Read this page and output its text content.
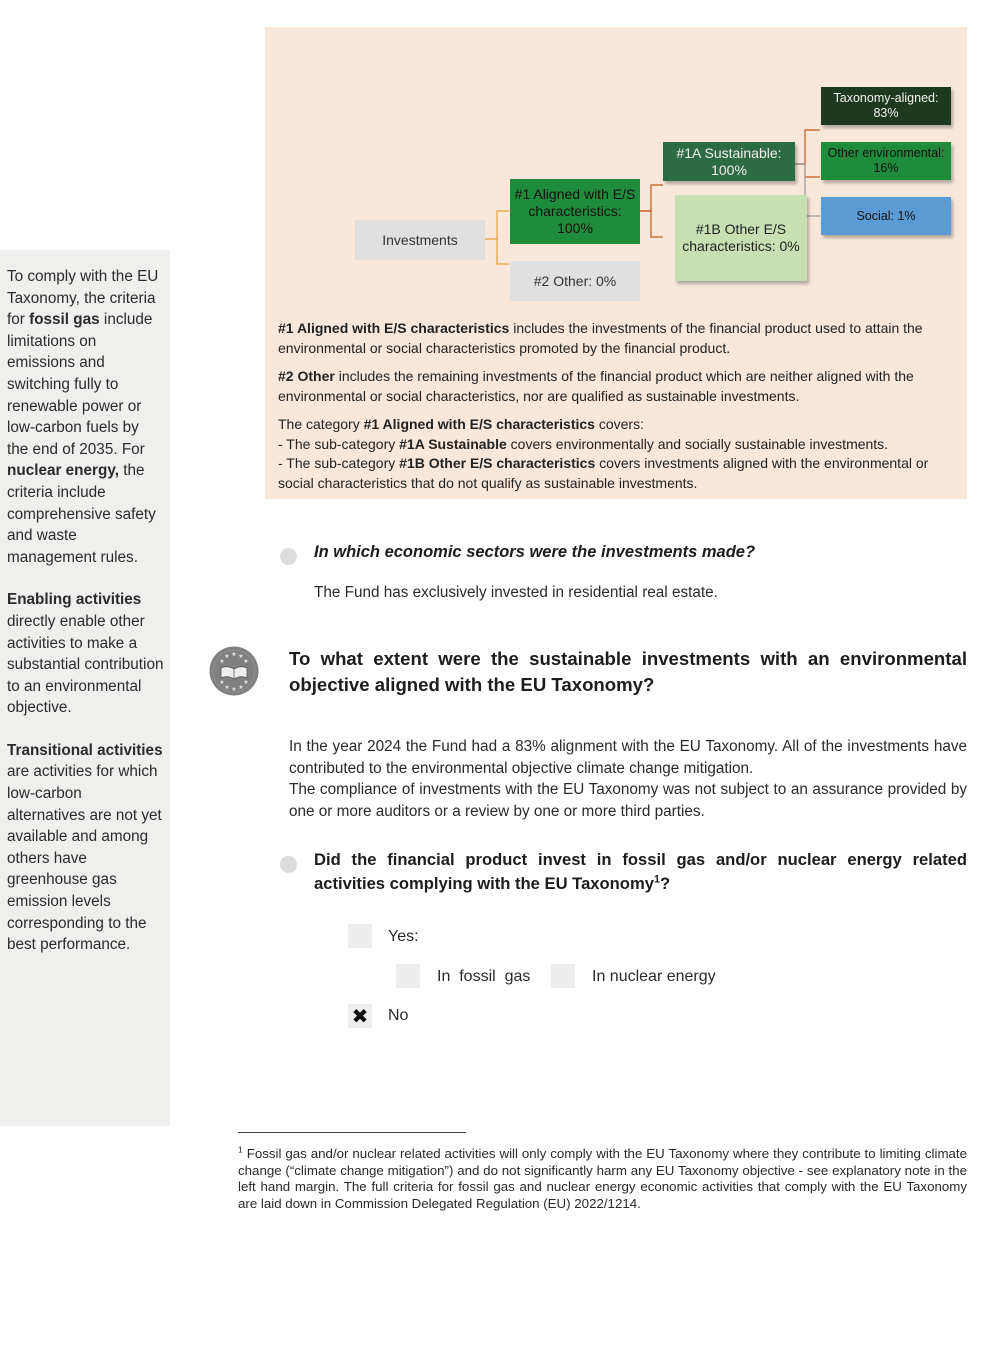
To comply with the EU Taxonomy, the criteria for fossil gas include limitations on emissions and switching fully to renewable power or low-carbon fuels by the end of 2035. For nuclear energy, the criteria include comprehensive safety and waste management rules.

Enabling activities directly enable other activities to make a substantial contribution to an environmental objective.

Transitional activities are activities for which low-carbon alternatives are not yet available and among others have greenhouse gas emission levels corresponding to the best performance.

Investments
#1 Aligned with E/S characteristics: 100%
#2 Other: 0%
#1A Sustainable: 100%
#1B Other E/S characteristics: 0%
Taxonomy-aligned: 83%
Other environmental: 16%
Social: 1%
#1 Aligned with E/S characteristics includes the investments of the financial product used to attain the environmental or social characteristics promoted by the financial product.
#2 Other includes the remaining investments of the financial product which are neither aligned with the environmental or social characteristics, nor are qualified as sustainable investments.
The category #1 Aligned with E/S characteristics covers:
- The sub-category #1A Sustainable covers environmentally and socially sustainable investments.
- The sub-category #1B Other E/S characteristics covers investments aligned with the environmental or social characteristics that do not qualify as sustainable investments.
In which economic sectors were the investments made?
The Fund has exclusively invested in residential real estate.
★ ★
★
★
★
★ ★
★
★
★
To what extent were the sustainable investments with an environmental objective aligned with the EU Taxonomy?
In the year 2024 the Fund had a 83% alignment with the EU Taxonomy. All of the investments have contributed to the environmental objective climate change mitigation.
The compliance of investments with the EU Taxonomy was not subject to an assurance provided by one or more auditors or a review by one or more third parties.
Did the financial product invest in fossil gas and/or nuclear energy related activities complying with the EU Taxonomy$^1$?
Yes:
In  fossil  gas	In nuclear energy
✖ No
$^1$ Fossil gas and/or nuclear related activities will only comply with the EU Taxonomy where they contribute to limiting climate change (“climate change mitigation”) and do not significantly harm any EU Taxonomy objective - see explanatory note in the left hand margin. The full criteria for fossil gas and nuclear energy economic activities that comply with the EU Taxonomy are laid down in Commission Delegated Regulation (EU) 2022/1214.
